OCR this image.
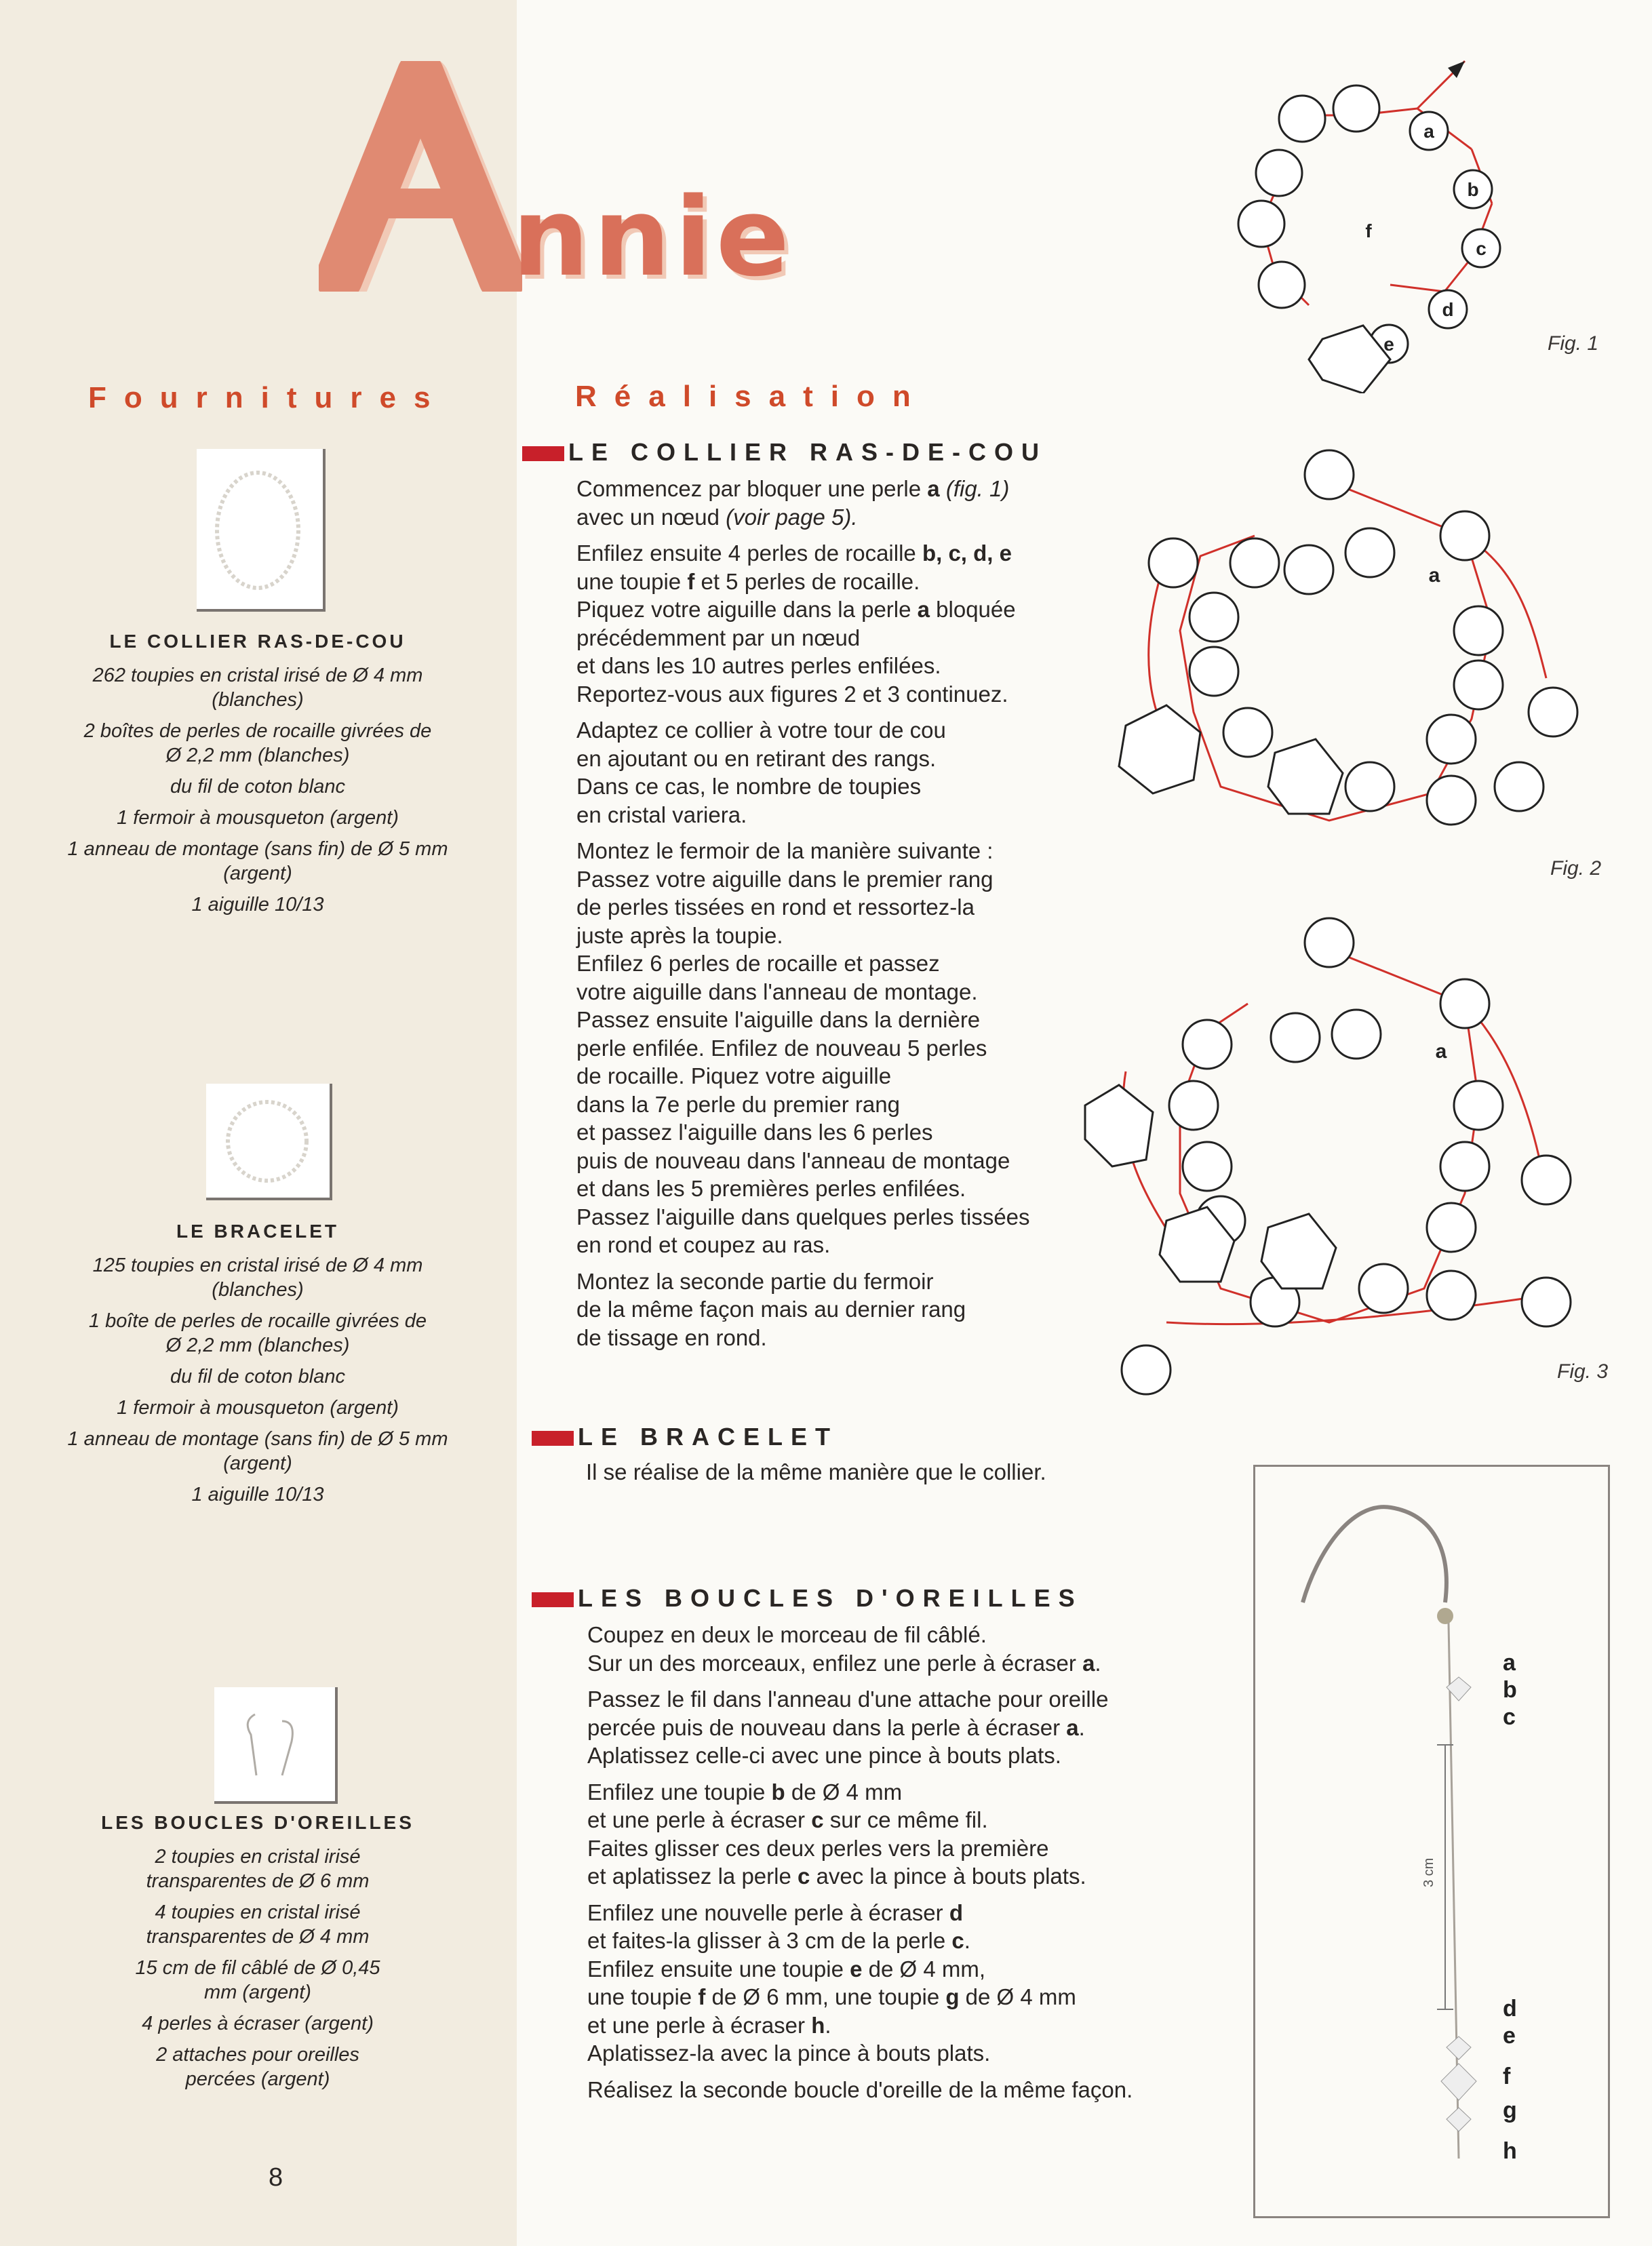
nnie
Fournitures	Réalisation
LE COLLIER RAS-DE-COU
262 toupies en cristal irisé de Ø 4 mm (blanches)
2 boîtes de perles de rocaille givrées de Ø 2,2 mm (blanches)
du fil de coton blanc
1 fermoir à mousqueton (argent)
1 anneau de montage (sans fin) de Ø 5 mm (argent)
1 aiguille 10/13
LE BRACELET
125 toupies en cristal irisé de Ø 4 mm (blanches)
1 boîte de perles de rocaille givrées de Ø 2,2 mm (blanches)
du fil de coton blanc
1 fermoir à mousqueton (argent)
1 anneau de montage (sans fin) de Ø 5 mm (argent)
1 aiguille 10/13
LES BOUCLES D'OREILLES
2 toupies en cristal irisé transparentes de Ø 6 mm
4 toupies en cristal irisé transparentes de Ø 4 mm
15 cm de fil câblé de Ø 0,45 mm (argent)
4 perles à écraser (argent)
2 attaches pour oreilles percées (argent)
8
LE COLLIER RAS-DE-COU

Commencez par bloquer une perle a (fig. 1)
avec un nœud (voir page 5).

Enfilez ensuite 4 perles de rocaille b, c, d, e
une toupie f et 5 perles de rocaille.
Piquez votre aiguille dans la perle a bloquée
précédemment par un nœud
et dans les 10 autres perles enfilées.
Reportez-vous aux figures 2 et 3 continuez.

Adaptez ce collier à votre tour de cou
en ajoutant ou en retirant des rangs.
Dans ce cas, le nombre de toupies
en cristal variera.

Montez le fermoir de la manière suivante :
Passez votre aiguille dans le premier rang
de perles tissées en rond et ressortez-la
juste après la toupie.
Enfilez 6 perles de rocaille et passez
votre aiguille dans l'anneau de montage.
Passez ensuite l'aiguille dans la dernière
perle enfilée. Enfilez de nouveau 5 perles
de rocaille. Piquez votre aiguille
dans la 7e perle du premier rang
et passez l'aiguille dans les 6 perles
puis de nouveau dans l'anneau de montage
et dans les 5 premières perles enfilées.
Passez l'aiguille dans quelques perles tissées
en rond et coupez au ras.

Montez la seconde partie du fermoir
de la même façon mais au dernier rang
de tissage en rond.

LE BRACELET
Il se réalise de la même manière que le collier.
LES BOUCLES D'OREILLES

Coupez en deux le morceau de fil câblé.
Sur un des morceaux, enfilez une perle à écraser a.

Passez le fil dans l'anneau d'une attache pour oreille
percée puis de nouveau dans la perle à écraser a.
Aplatissez celle-ci avec une pince à bouts plats.

Enfilez une toupie b de Ø 4 mm
et une perle à écraser c sur ce même fil.
Faites glisser ces deux perles vers la première
et aplatissez la perle c avec la pince à bouts plats.

Enfilez une nouvelle perle à écraser d
et faites-la glisser à 3 cm de la perle c.
Enfilez ensuite une toupie e de Ø 4 mm,
une toupie f de Ø 6 mm, une toupie g de Ø 4 mm
et une perle à écraser h.
Aplatissez-la avec la pince à bouts plats.

Réalisez la seconde boucle d'oreille de la même façon.

a
b
c
d
e
f
Fig. 1
a
Fig. 2
a
Fig. 3
3 cm
a
b
c
d
e
f
g
h
